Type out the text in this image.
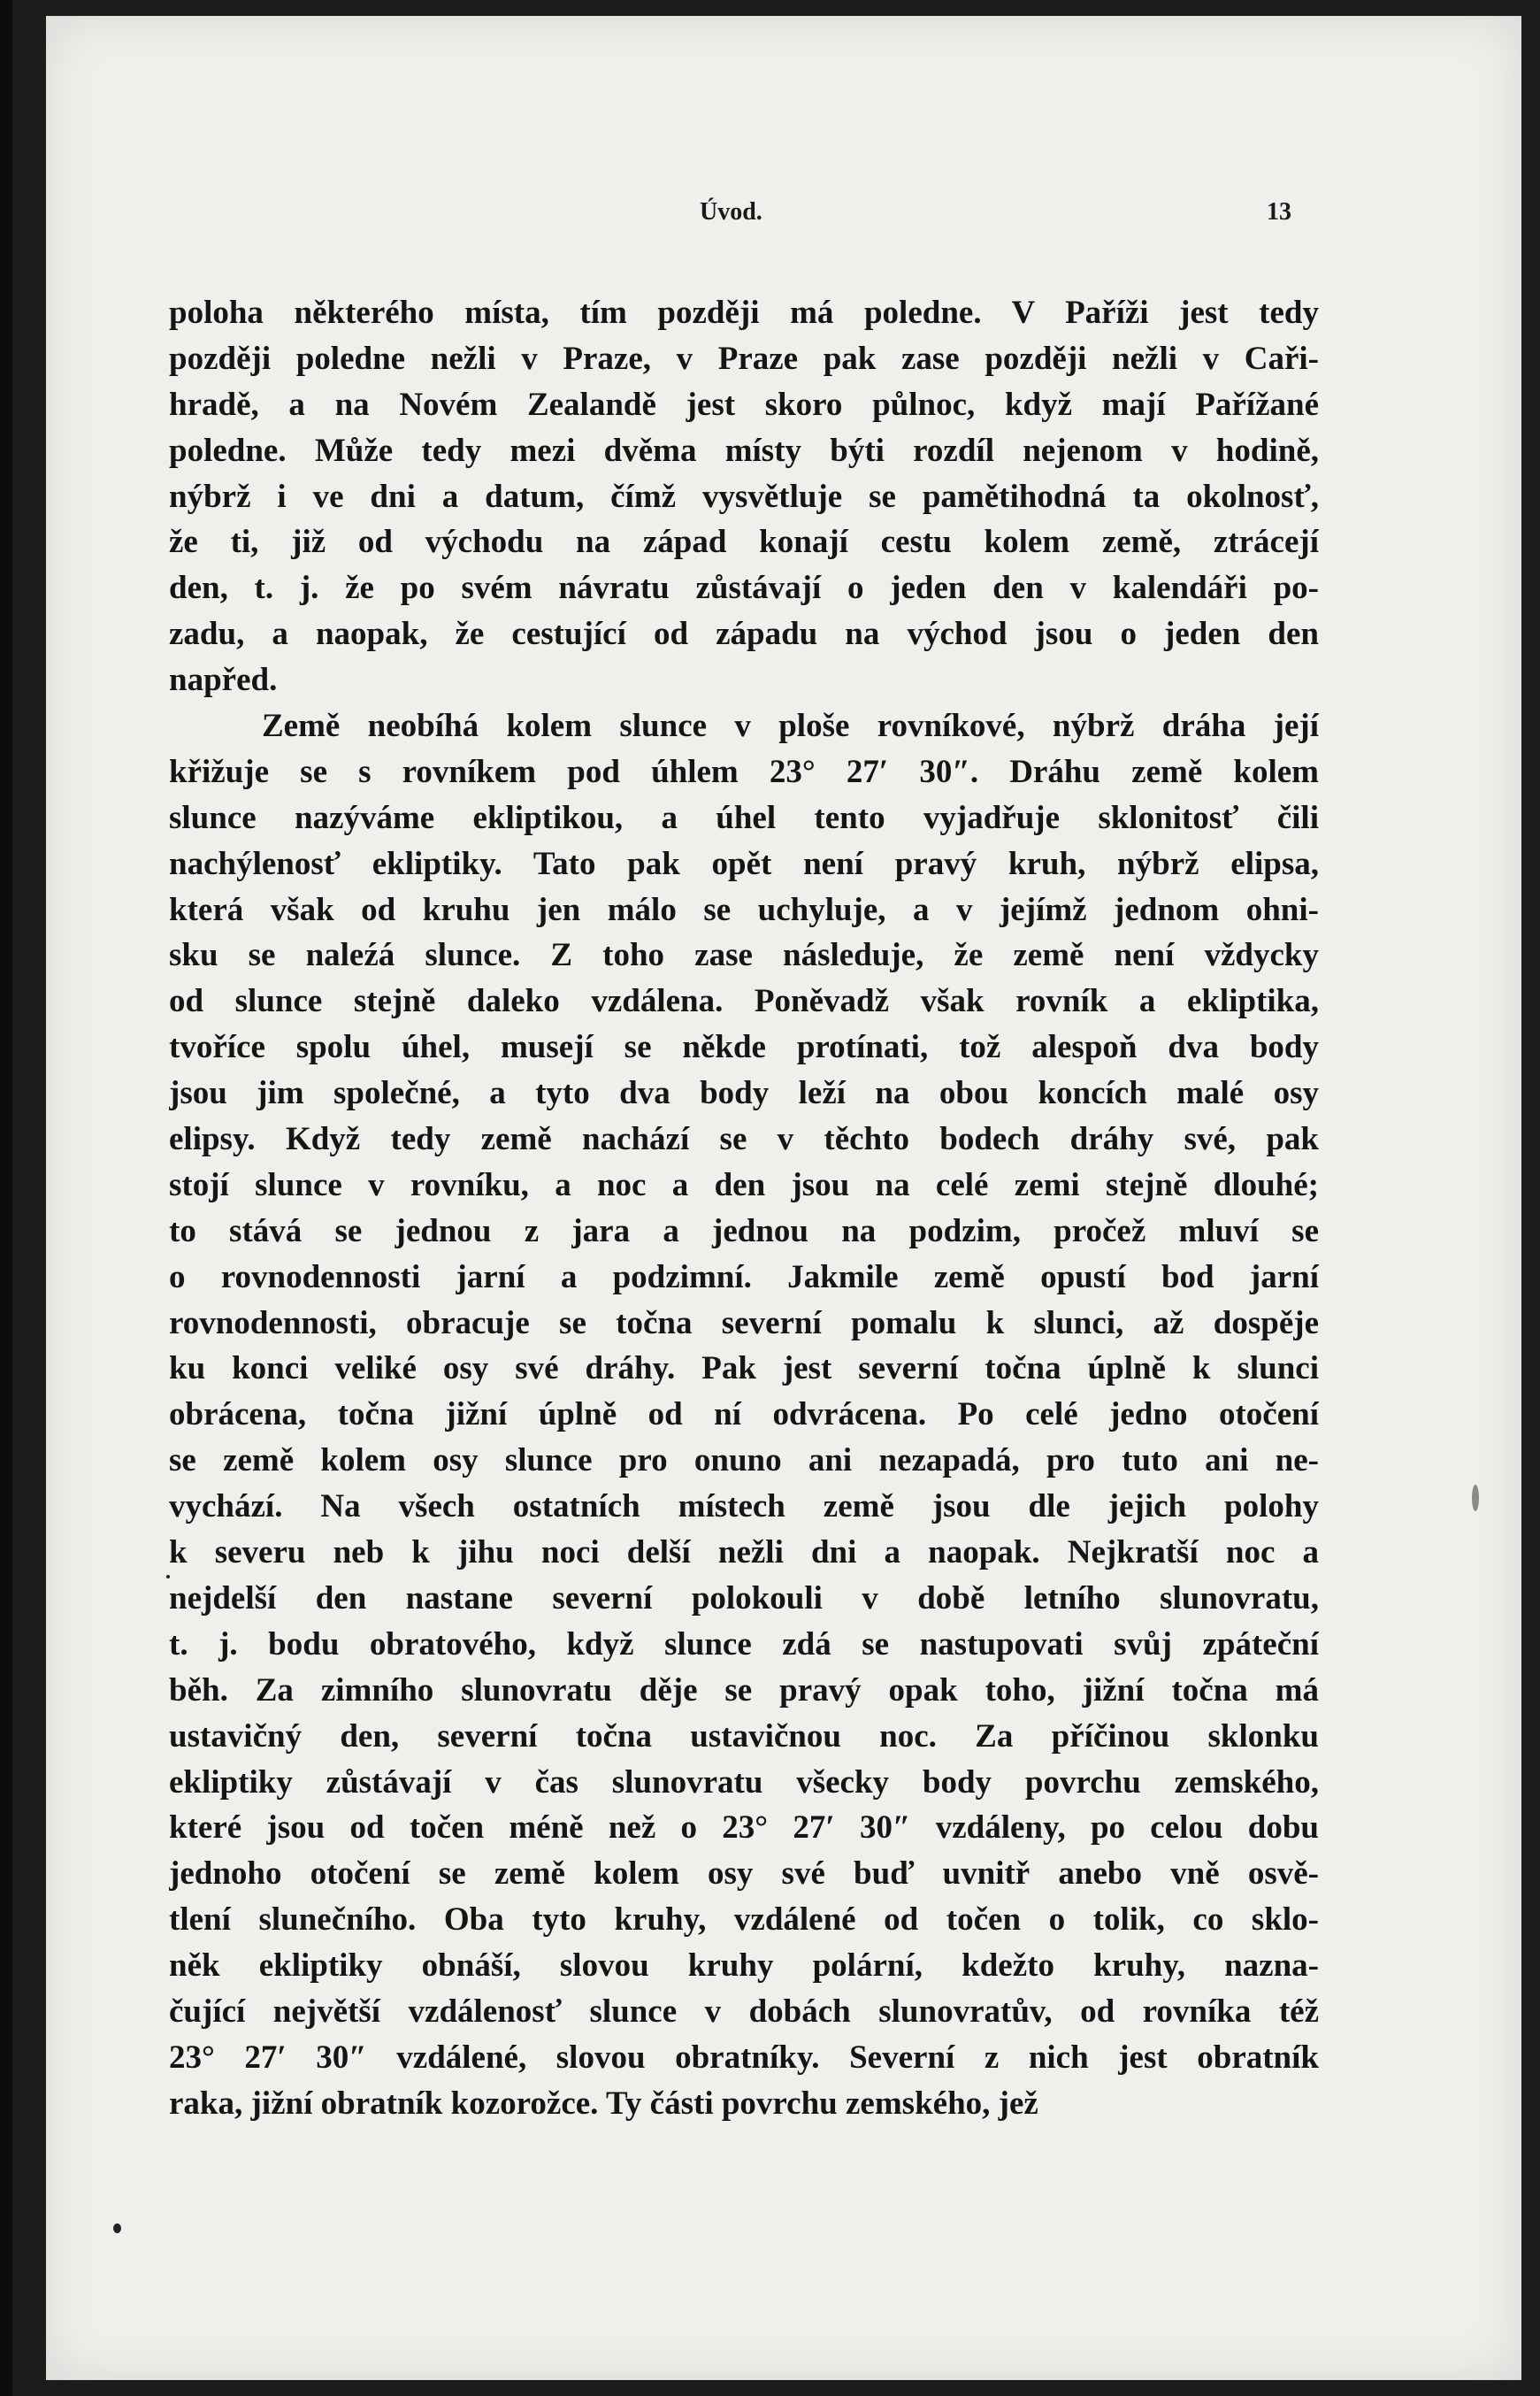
Úvod.	13
poloha některého místa, tím později má poledne. V Paříži jest tedy
později poledne nežli v Praze, v Praze pak zase později nežli v Caři-
hradě, a na Novém Zealandě jest skoro půlnoc, když mají Pařížané
poledne. Může tedy mezi dvěma místy býti rozdíl nejenom v hodině,
nýbrž i ve dni a datum, čímž vysvětluje se pamětihodná ta okolnosť,
že ti, již od východu na západ konají cestu kolem země, ztrácejí
den, t. j. že po svém návratu zůstávají o jeden den v kalendáři po-
zadu, a naopak, že cestující od západu na východ jsou o jeden den
napřed.
Země neobíhá kolem slunce v ploše rovníkové, nýbrž dráha její
křižuje se s rovníkem pod úhlem 23° 27′ 30″. Dráhu země kolem
slunce nazýváme ekliptikou, a úhel tento vyjadřuje sklonitosť čili
nachýlenosť ekliptiky. Tato pak opět není pravý kruh, nýbrž elipsa,
která však od kruhu jen málo se uchyluje, a v jejímž jednom ohni-
sku se naleźá slunce. Z toho zase následuje, že země není vždycky
od slunce stejně daleko vzdálena. Poněvadž však rovník a ekliptika,
tvoříce spolu úhel, musejí se někde protínati, tož alespoň dva body
jsou jim společné, a tyto dva body leží na obou koncích malé osy
elipsy. Když tedy země nachází se v těchto bodech dráhy své, pak
stojí slunce v rovníku, a noc a den jsou na celé zemi stejně dlouhé;
to stává se jednou z jara a jednou na podzim, pročež mluví se
o rovnodennosti jarní a podzimní. Jakmile země opustí bod jarní
rovnodennosti, obracuje se točna severní pomalu k slunci, až dospěje
ku konci veliké osy své dráhy. Pak jest severní točna úplně k slunci
obrácena, točna jižní úplně od ní odvrácena. Po celé jedno otočení
se země kolem osy slunce pro onuno ani nezapadá, pro tuto ani ne-
vychází. Na všech ostatních místech země jsou dle jejich polohy
k severu neb k jihu noci delší nežli dni a naopak. Nejkratší noc a
nejdelší den nastane severní polokouli v době letního slunovratu,
t. j. bodu obratového, když slunce zdá se nastupovati svůj zpáteční
běh. Za zimního slunovratu děje se pravý opak toho, jižní točna má
ustavičný den, severní točna ustavičnou noc. Za příčinou sklonku
ekliptiky zůstávají v čas slunovratu všecky body povrchu zemského,
které jsou od točen méně než o 23° 27′ 30″ vzdáleny, po celou dobu
jednoho otočení se země kolem osy své buď uvnitř anebo vně osvě-
tlení slunečního. Oba tyto kruhy, vzdálené od točen o tolik, co sklo-
něk ekliptiky obnáší, slovou kruhy polární, kdežto kruhy, nazna-
čující největší vzdálenosť slunce v dobách slunovratův, od rovníka též
23° 27′ 30″ vzdálené, slovou obratníky. Severní z nich jest obratník
raka, jižní obratník kozorožce. Ty části povrchu zemského, jež
